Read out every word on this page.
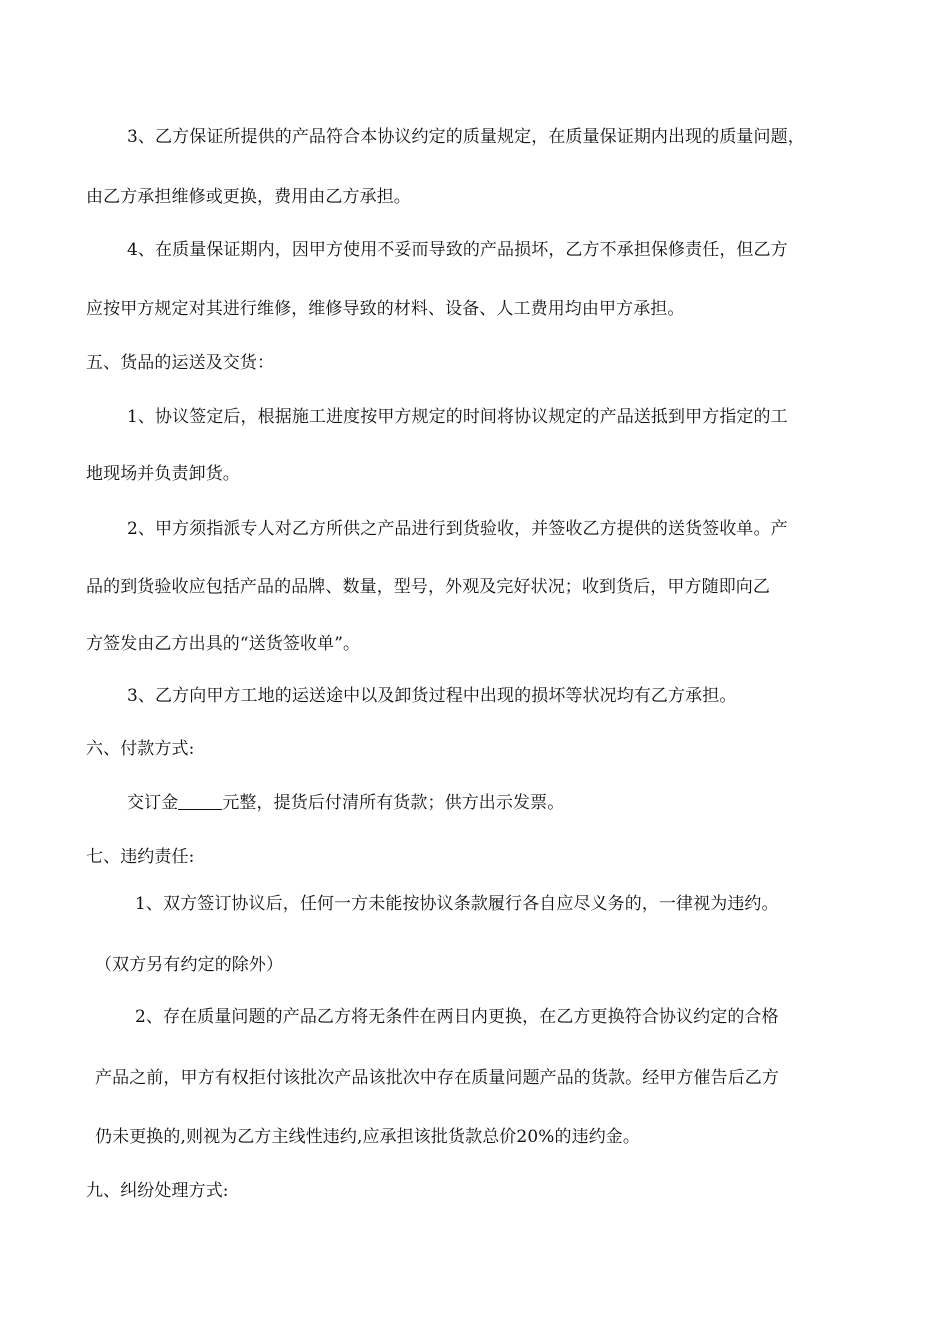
3、乙方保证所提供的产品符合本协议约定的质量规定，在质量保证期内出现的质量问题，
由乙方承担维修或更换，费用由乙方承担。
4、在质量保证期内，因甲方使用不妥而导致的产品损坏，乙方不承担保修责任，但乙方
应按甲方规定对其进行维修，维修导致的材料、设备、人工费用均由甲方承担。
五、货品的运送及交货：
1、协议签定后，根据施工进度按甲方规定的时间将协议规定的产品送抵到甲方指定的工
地现场并负责卸货。
2、甲方须指派专人对乙方所供之产品进行到货验收，并签收乙方提供的送货签收单。产
品的到货验收应包括产品的品牌、数量，型号，外观及完好状况；收到货后，甲方随即向乙
方签发由乙方出具的“送货签收单”。
3、乙方向甲方工地的运送途中以及卸货过程中出现的损坏等状况均有乙方承担。
六、付款方式:
交订金	元整，提货后付清所有货款；供方出示发票。
七、违约责任:
1、双方签订协议后，任何一方未能按协议条款履行各自应尽义务的，一律视为违约。
（双方另有约定的除外）
2、存在质量问题的产品乙方将无条件在两日内更换，在乙方更换符合协议约定的合格
产品之前，甲方有权拒付该批次产品该批次中存在质量问题产品的货款。经甲方催告后乙方
仍未更换的,则视为乙方主线性违约,应承担该批货款总价20%的违约金。
九、纠纷处理方式:
